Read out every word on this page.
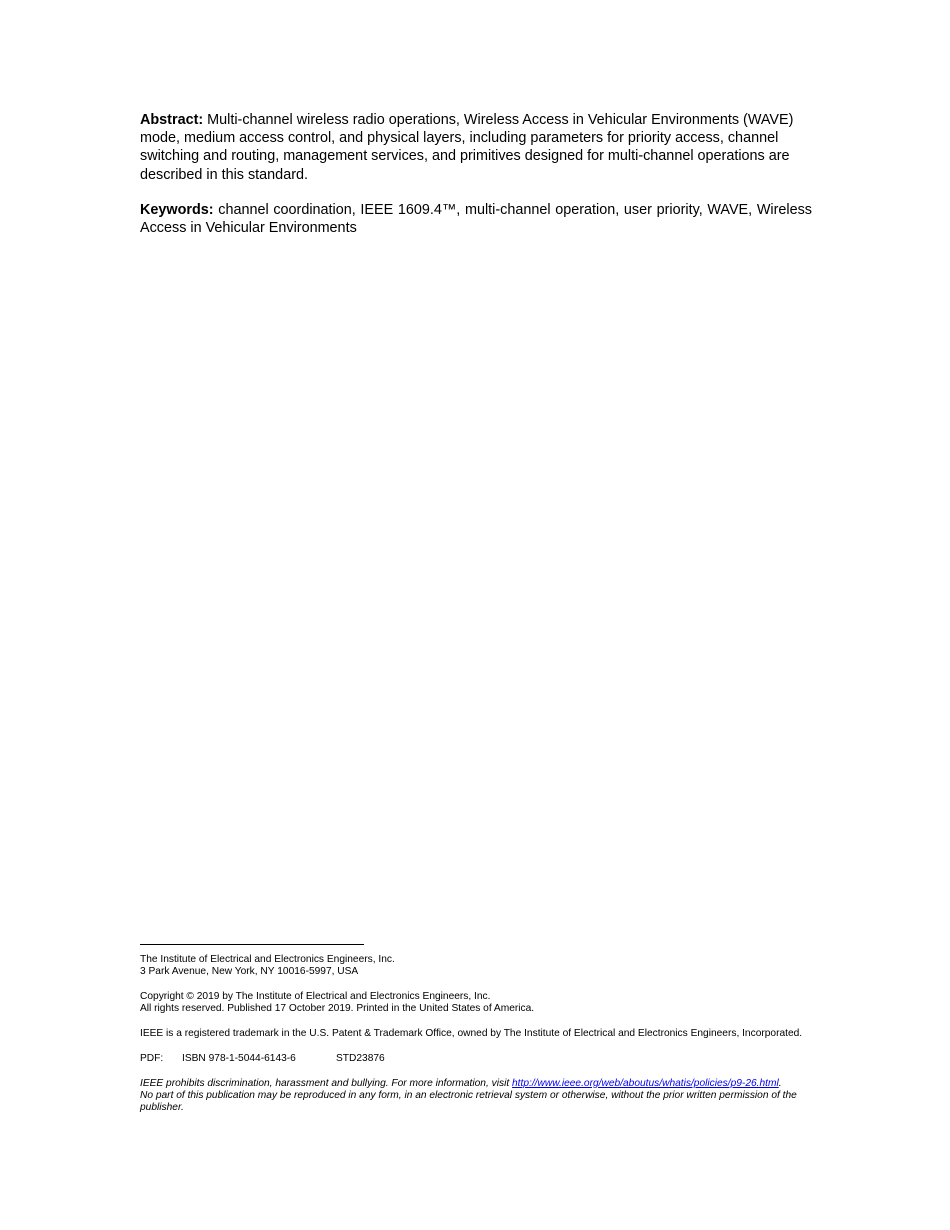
Abstract: Multi-channel wireless radio operations, Wireless Access in Vehicular Environments (WAVE) mode, medium access control, and physical layers, including parameters for priority access, channel switching and routing, management services, and primitives designed for multi-channel operations are described in this standard.

Keywords: channel coordination, IEEE 1609.4™, multi-channel operation, user priority, WAVE, Wireless Access in Vehicular Environments

The Institute of Electrical and Electronics Engineers, Inc.
3 Park Avenue, New York, NY 10016-5997, USA

Copyright © 2019 by The Institute of Electrical and Electronics Engineers, Inc.
All rights reserved. Published 17 October 2019. Printed in the United States of America.

IEEE is a registered trademark in the U.S. Patent & Trademark Office, owned by The Institute of Electrical and Electronics Engineers, Incorporated.

PDF: ISBN 978-1-5044-6143-6	STD23876

IEEE prohibits discrimination, harassment and bullying. For more information, visit http://www.ieee.org/web/aboutus/whatis/policies/p9-26.html.
No part of this publication may be reproduced in any form, in an electronic retrieval system or otherwise, without the prior written permission of the publisher.
